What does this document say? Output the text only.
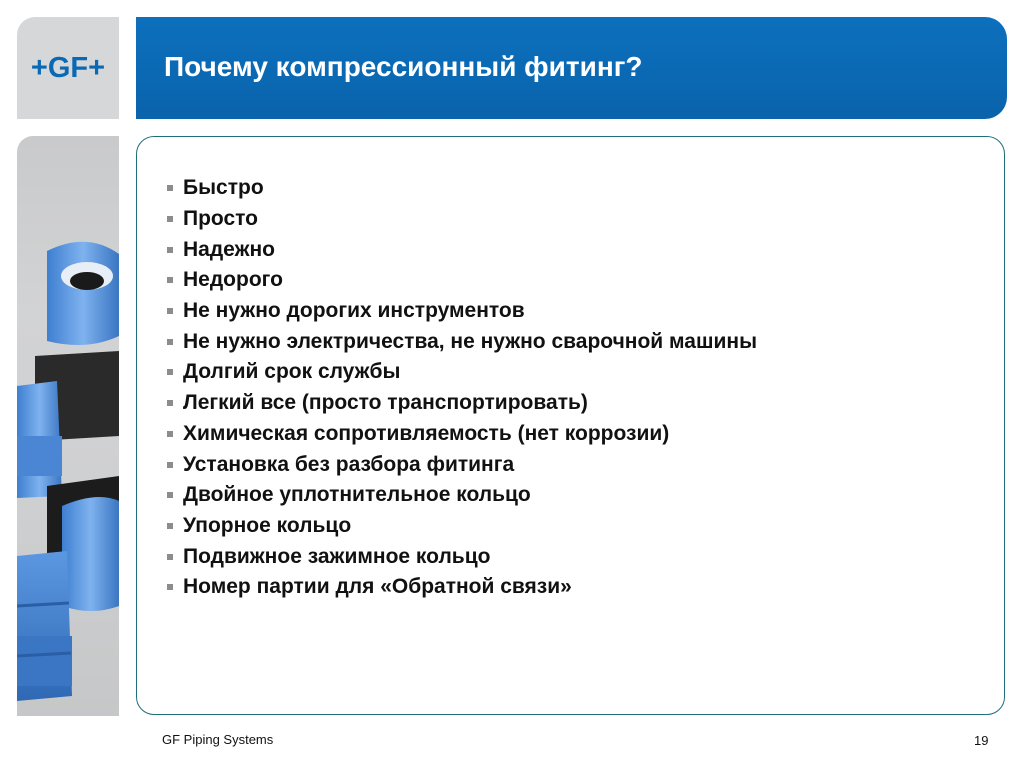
+GF+ Почему компрессионный фитинг?
Быстро
Просто
Надежно
Недорого
Не нужно дорогих инструментов
Не нужно электричества, не нужно сварочной машины
Долгий срок службы
Легкий все (просто транспортировать)
Химическая сопротивляемость (нет коррозии)
Установка без разбора фитинга
Двойное уплотнительное кольцо
Упорное кольцо
Подвижное зажимное кольцо
Номер партии для «Обратной связи»
GF Piping Systems	19
